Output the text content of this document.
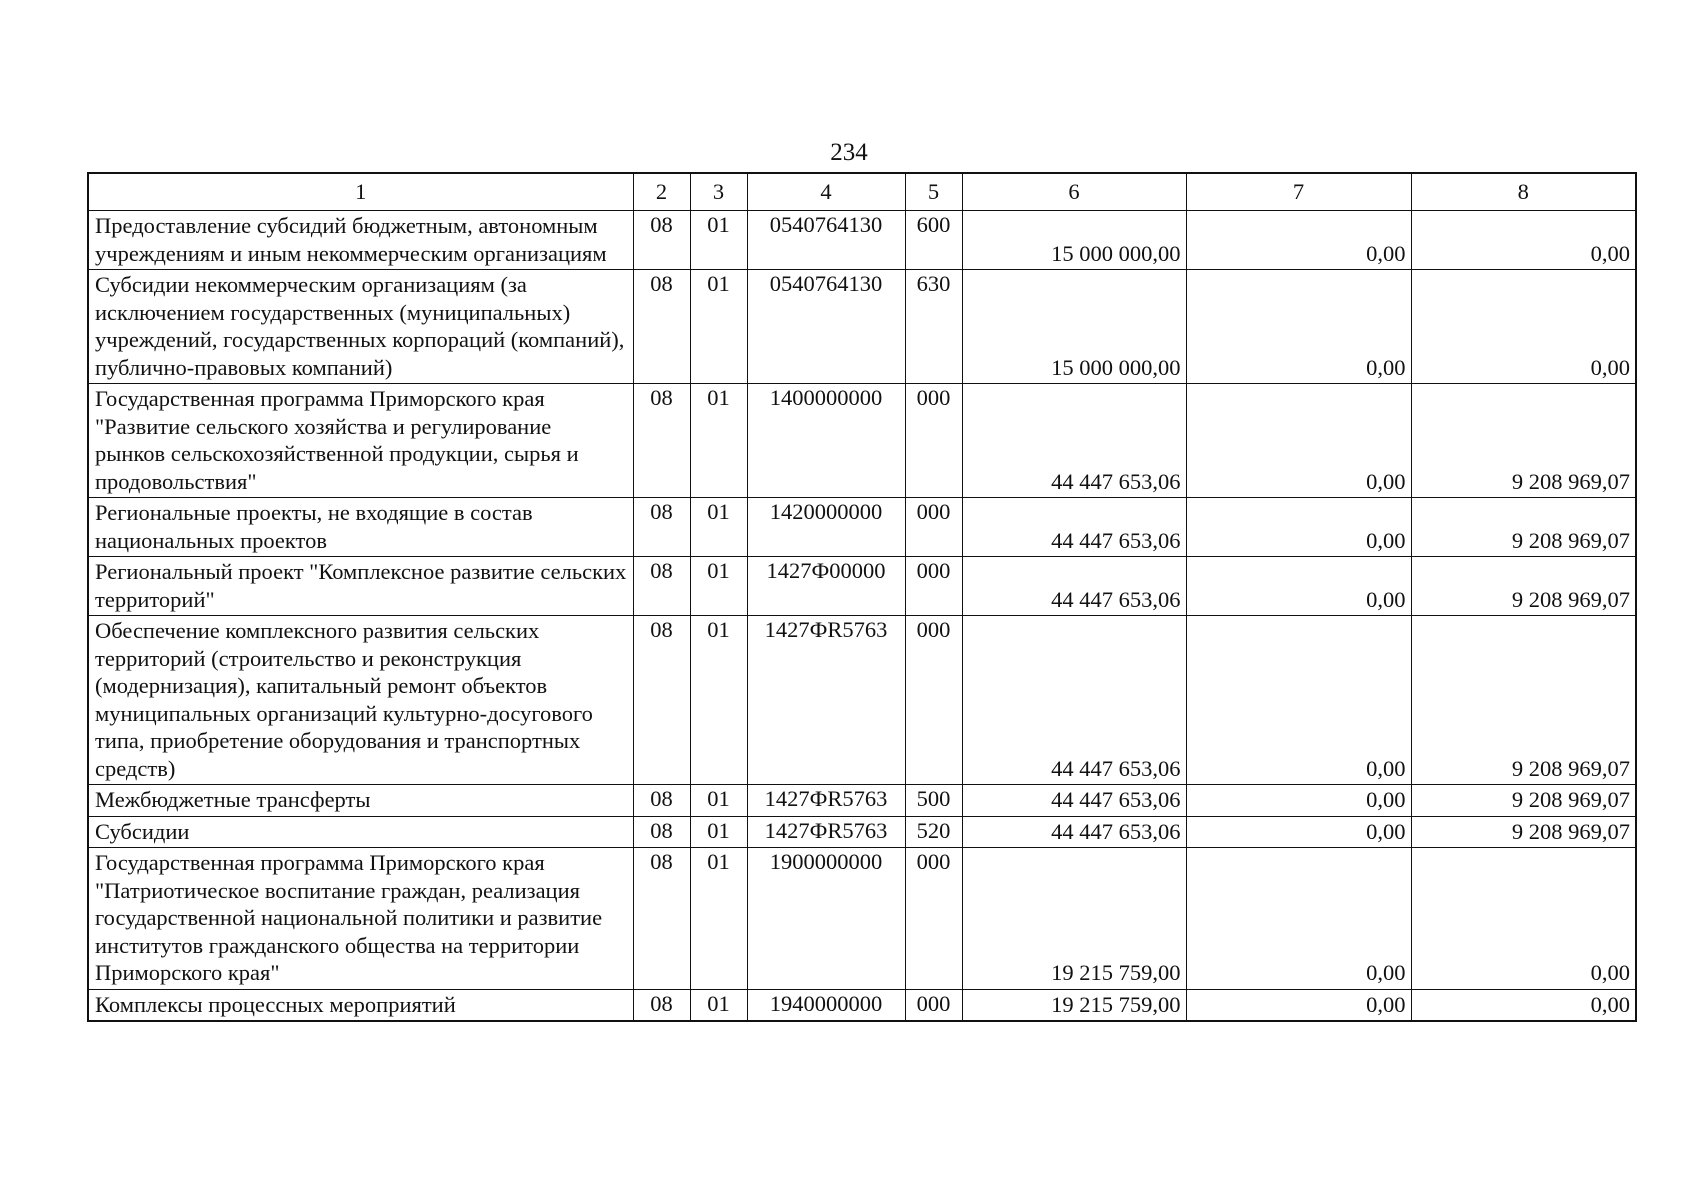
234
1	2	3	4	5	6	7	8
Предоставление субсидий бюджетным, автономным учреждениям и иным некоммерческим организациям	08	01	0540764130	600	15 000 000,00	0,00	0,00
Субсидии некоммерческим организациям (за исключением государственных (муниципальных) учреждений, государственных корпораций (компаний), публично-правовых компаний)	08	01	0540764130	630	15 000 000,00	0,00	0,00
Государственная программа Приморского края "Развитие сельского хозяйства и регулирование рынков сельскохозяйственной продукции, сырья и продовольствия"	08	01	1400000000	000	44 447 653,06	0,00	9 208 969,07
Региональные проекты, не входящие в состав национальных проектов	08	01	1420000000	000	44 447 653,06	0,00	9 208 969,07
Региональный проект "Комплексное развитие сельских территорий"	08	01	1427Ф00000	000	44 447 653,06	0,00	9 208 969,07
Обеспечение комплексного развития сельских территорий (строительство и реконструкция (модернизация), капитальный ремонт объектов муниципальных организаций культурно-досугового типа, приобретение оборудования и транспортных средств)	08	01	1427ФR5763	000	44 447 653,06	0,00	9 208 969,07
Межбюджетные трансферты	08	01	1427ФR5763	500	44 447 653,06	0,00	9 208 969,07
Субсидии	08	01	1427ФR5763	520	44 447 653,06	0,00	9 208 969,07
Государственная программа Приморского края "Патриотическое воспитание граждан, реализация государственной национальной политики и развитие институтов гражданского общества на территории Приморского края"	08	01	1900000000	000	19 215 759,00	0,00	0,00
Комплексы процессных мероприятий	08	01	1940000000	000	19 215 759,00	0,00	0,00
